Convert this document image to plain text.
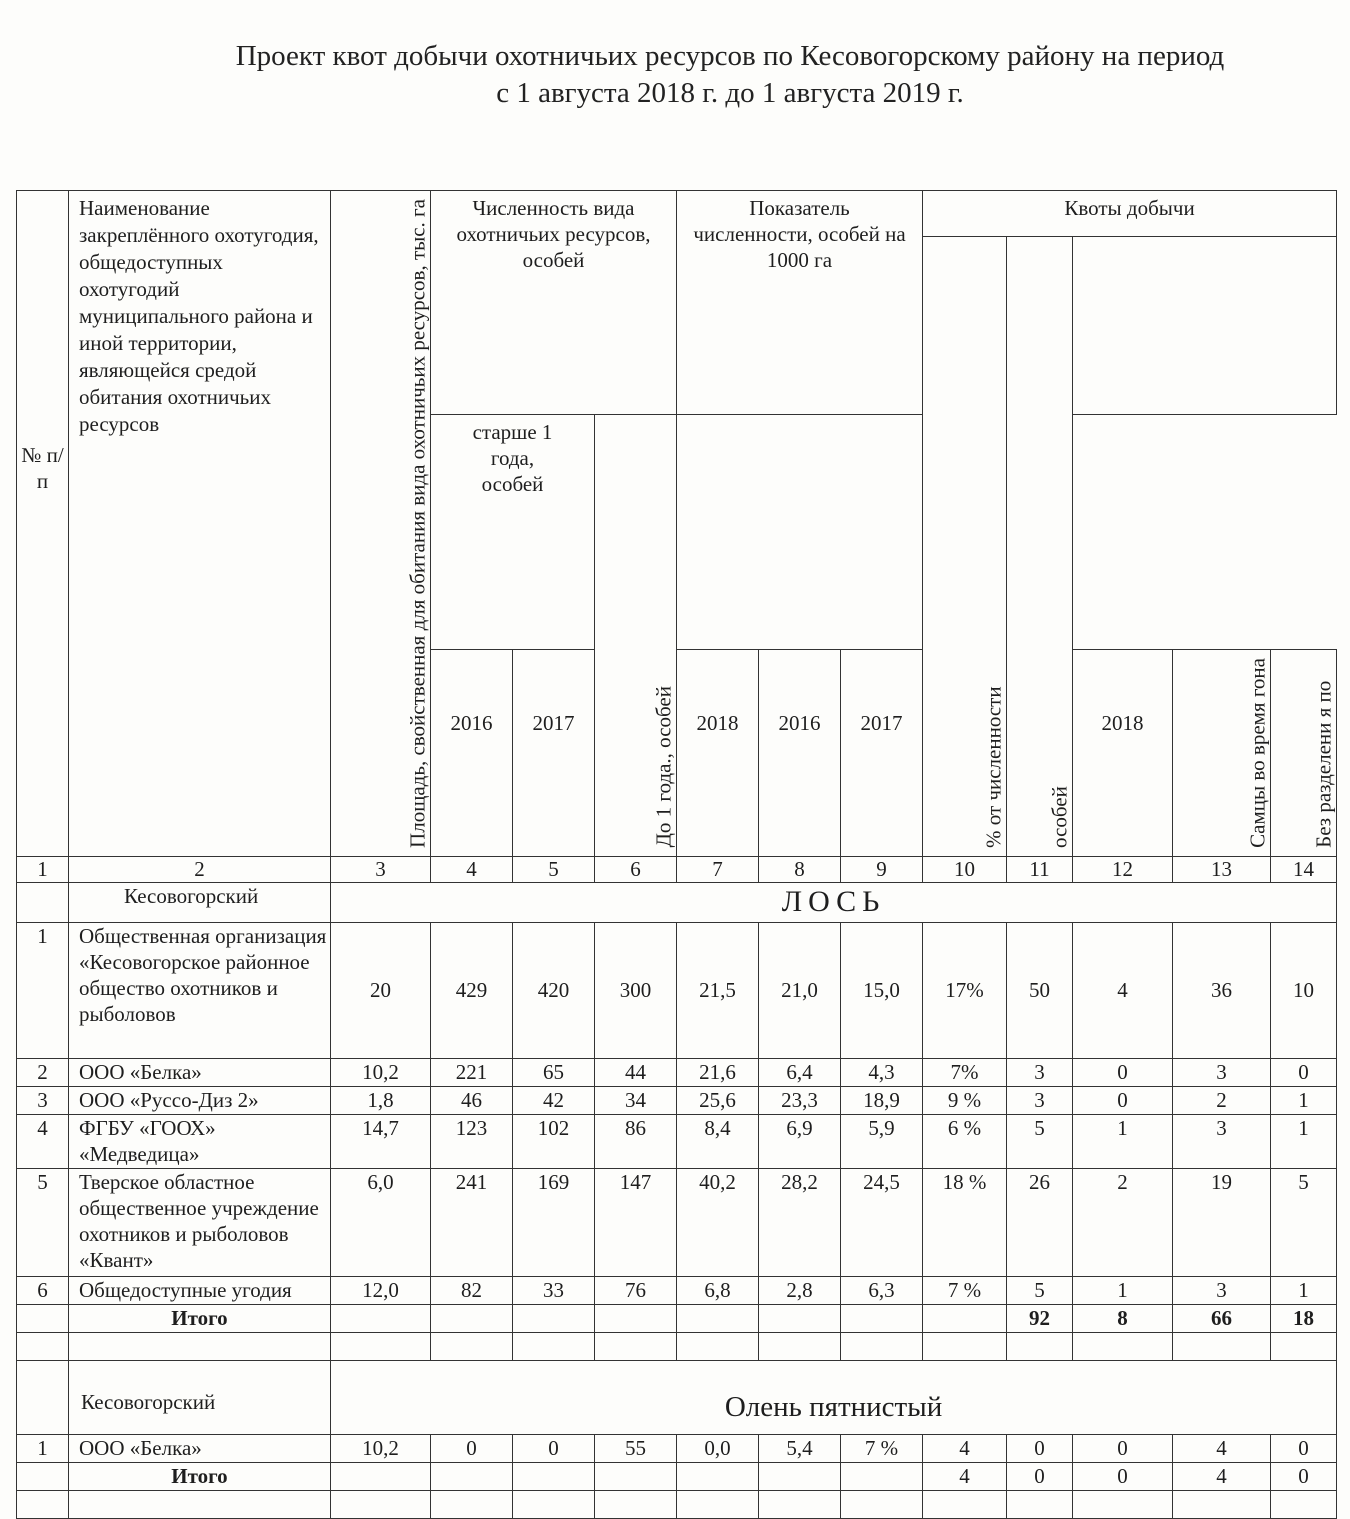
Проект квот добычи охотничьих ресурсов по Кесовогорскому району на период
с 1 августа 2018 г. до 1 августа 2019 г.
№ п/ п	Наименование закреплённого охотугодия, общедоступных охотугодий муниципального района и иной территории, являющейся средой обитания охотничьих ресурсов	Площадь, свойственная для обитания вида охотничьих ресурсов, тыс. га	Численность вида охотничьих ресурсов, особей			Показатель численности, особей на 1000 га			Квоты добычи				
									% от численности	особей			
			старше 1 года, особей		До 1 года., особей								
			2016	2017		2018	2016	2017			2018	Самцы во время гона	Без разделени я по
1	2	3	4	5	6	7	8	9	10	11	12	13	14
	Кесовогорский	ЛОСЬ											
1	Общественная организация «Кесовогорское районное общество охотников и рыболовов	20	429	420	300	21,5	21,0	15,0	17%	50	4	36	10
2	ООО «Белка»	10,2	221	65	44	21,6	6,4	4,3	7%	3	0	3	0
3	ООО «Руссо-Диз 2»	1,8	46	42	34	25,6	23,3	18,9	9 %	3	0	2	1
4	ФГБУ «ГООХ» «Медведица»	14,7	123	102	86	8,4	6,9	5,9	6 %	5	1	3	1
5	Тверское областное общественное учреждение охотников и рыболовов «Квант»	6,0	241	169	147	40,2	28,2	24,5	18 %	26	2	19	5
6	Общедоступные угодия	12,0	82	33	76	6,8	2,8	6,3	7 %	5	1	3	1
	Итого									92	8	66	18

	Кесовогорский	Олень пятнистый											
1	ООО «Белка»	10,2	0	0	55	0,0	5,4	7 %	4	0	0	4	0
	Итого								4	0	0	4	0
